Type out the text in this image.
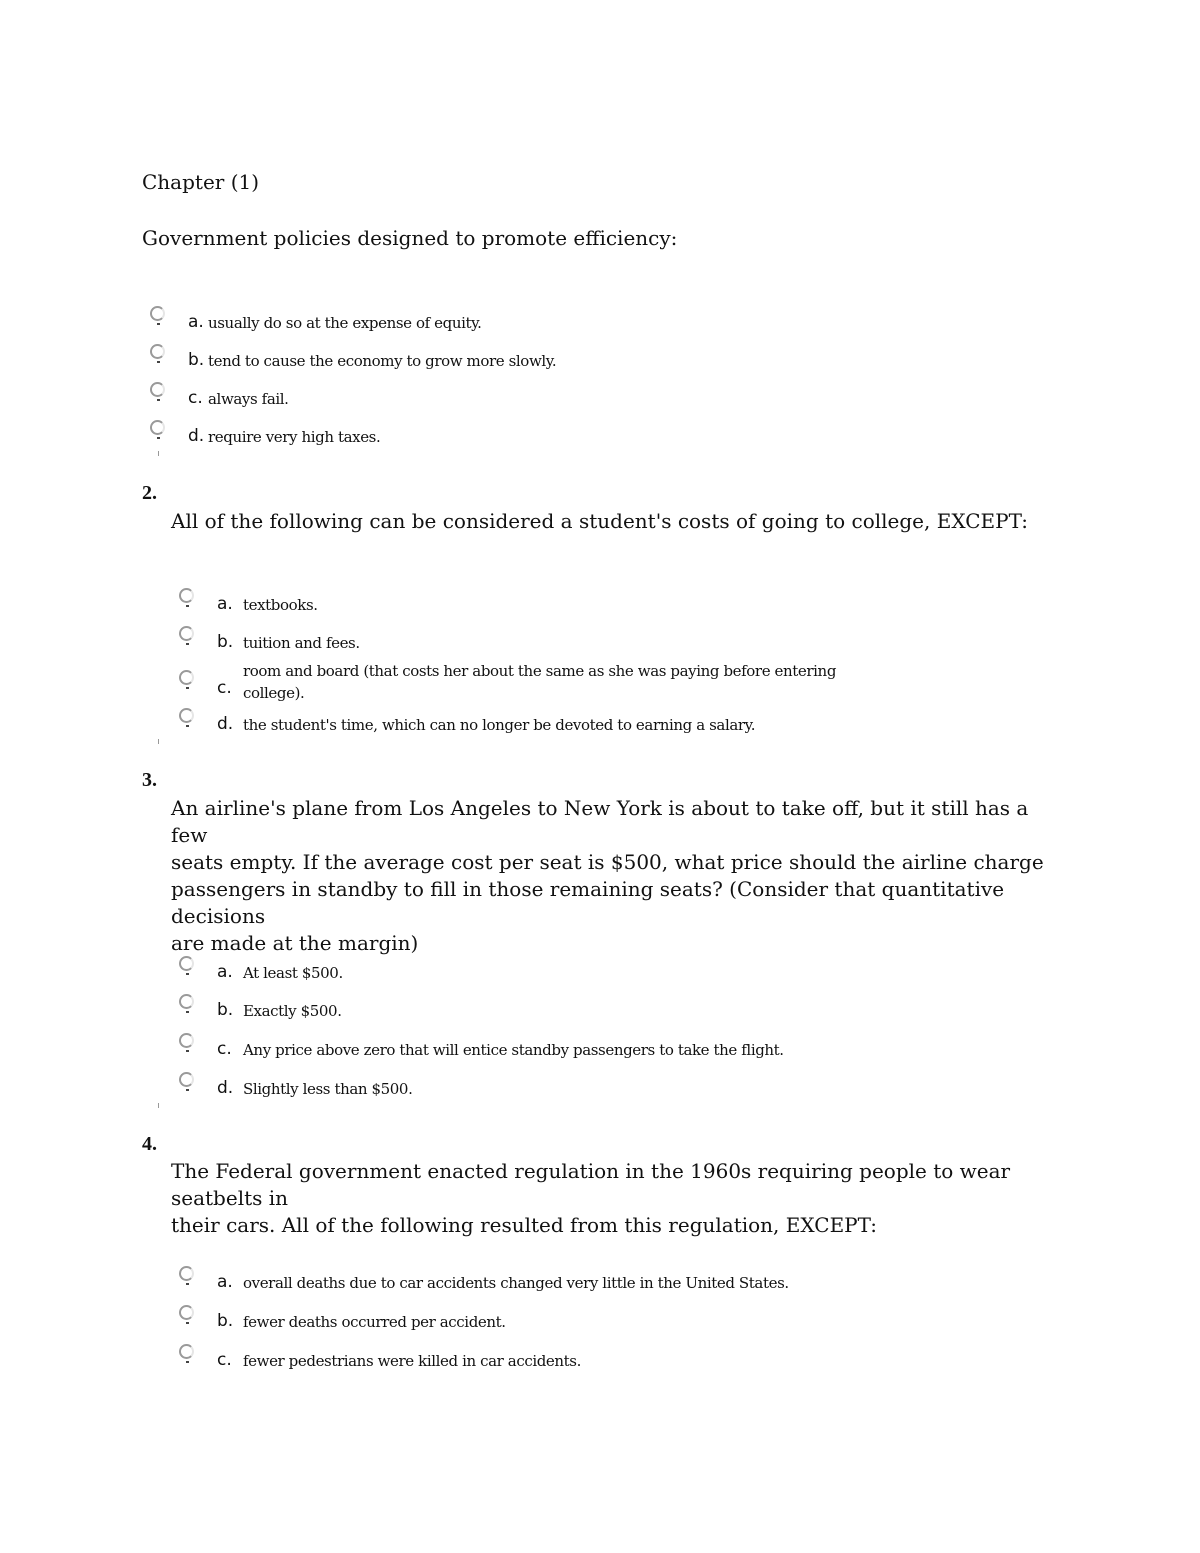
Chapter (1)
Government policies designed to promote efficiency:
a. usually do so at the expense of equity.
b. tend to cause the economy to grow more slowly.
c. always fail.
d. require very high taxes.
2.
All of the following can be considered a student's costs of going to college, EXCEPT:
a. textbooks.
b. tuition and fees.
c.
room and board (that costs her about the same as she was paying before entering
college).
d. the student's time, which can no longer be devoted to earning a salary.
3.
An airline's plane from Los Angeles to New York is about to take off, but it still has a few
seats empty. If the average cost per seat is $500, what price should the airline charge
passengers in standby to fill in those remaining seats? (Consider that quantitative decisions
are made at the margin)
a. At least $500.
b. Exactly $500.
c. Any price above zero that will entice standby passengers to take the flight.
d. Slightly less than $500.
4.
The Federal government enacted regulation in the 1960s requiring people to wear seatbelts in
their cars. All of the following resulted from this regulation, EXCEPT:
a. overall deaths due to car accidents changed very little in the United States.
b. fewer deaths occurred per accident.
c. fewer pedestrians were killed in car accidents.
